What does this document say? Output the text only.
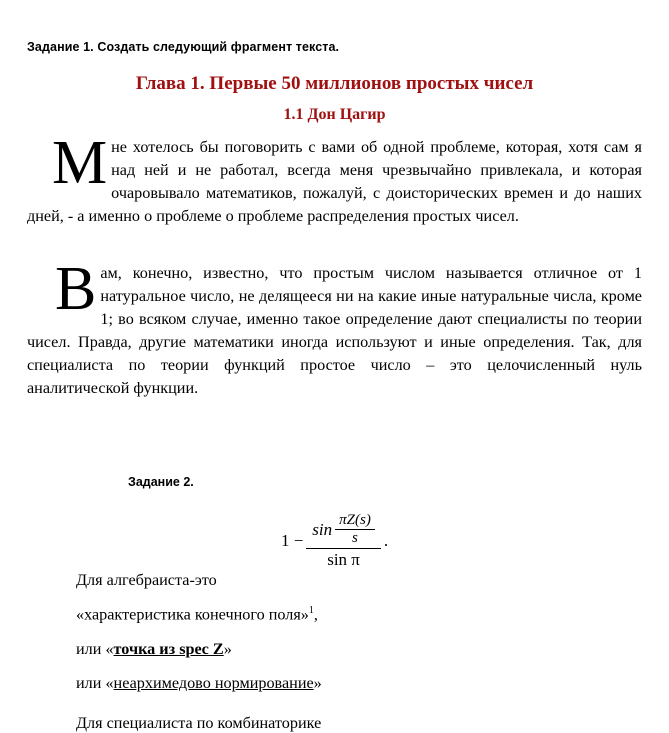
Задание 1. Создать следующий фрагмент текста.
Глава 1. Первые 50 миллионов простых чисел
1.1 Дон Цагир
Мне хотелось бы поговорить с вами об одной проблеме, которая, хотя сам я над ней и не работал, всегда меня чрезвычайно привлекала, и которая очаровывало математиков, пожалуй, с доисторических времен и до наших дней, - а именно о проблеме о проблеме распределения простых чисел.
Вам, конечно, известно, что простым числом называется отличное от 1 натуральное число, не делящееся ни на какие иные натуральные числа, кроме 1; во всяком случае, именно такое определение дают специалисты по теории чисел. Правда, другие математики иногда используют и иные определения. Так, для специалиста по теории функций простое число – это целочисленный нуль аналитической функции.
Задание 2.
$1 - \frac{\sin \frac{\pi Z(s)}{s}}{\text{sin π}}$ .
Для алгебраиста-это
«характеристика конечного поля»$^1$,
или «точка из spec Z»
или «неархимедово нормирование»
Для специалиста по комбинаторике
